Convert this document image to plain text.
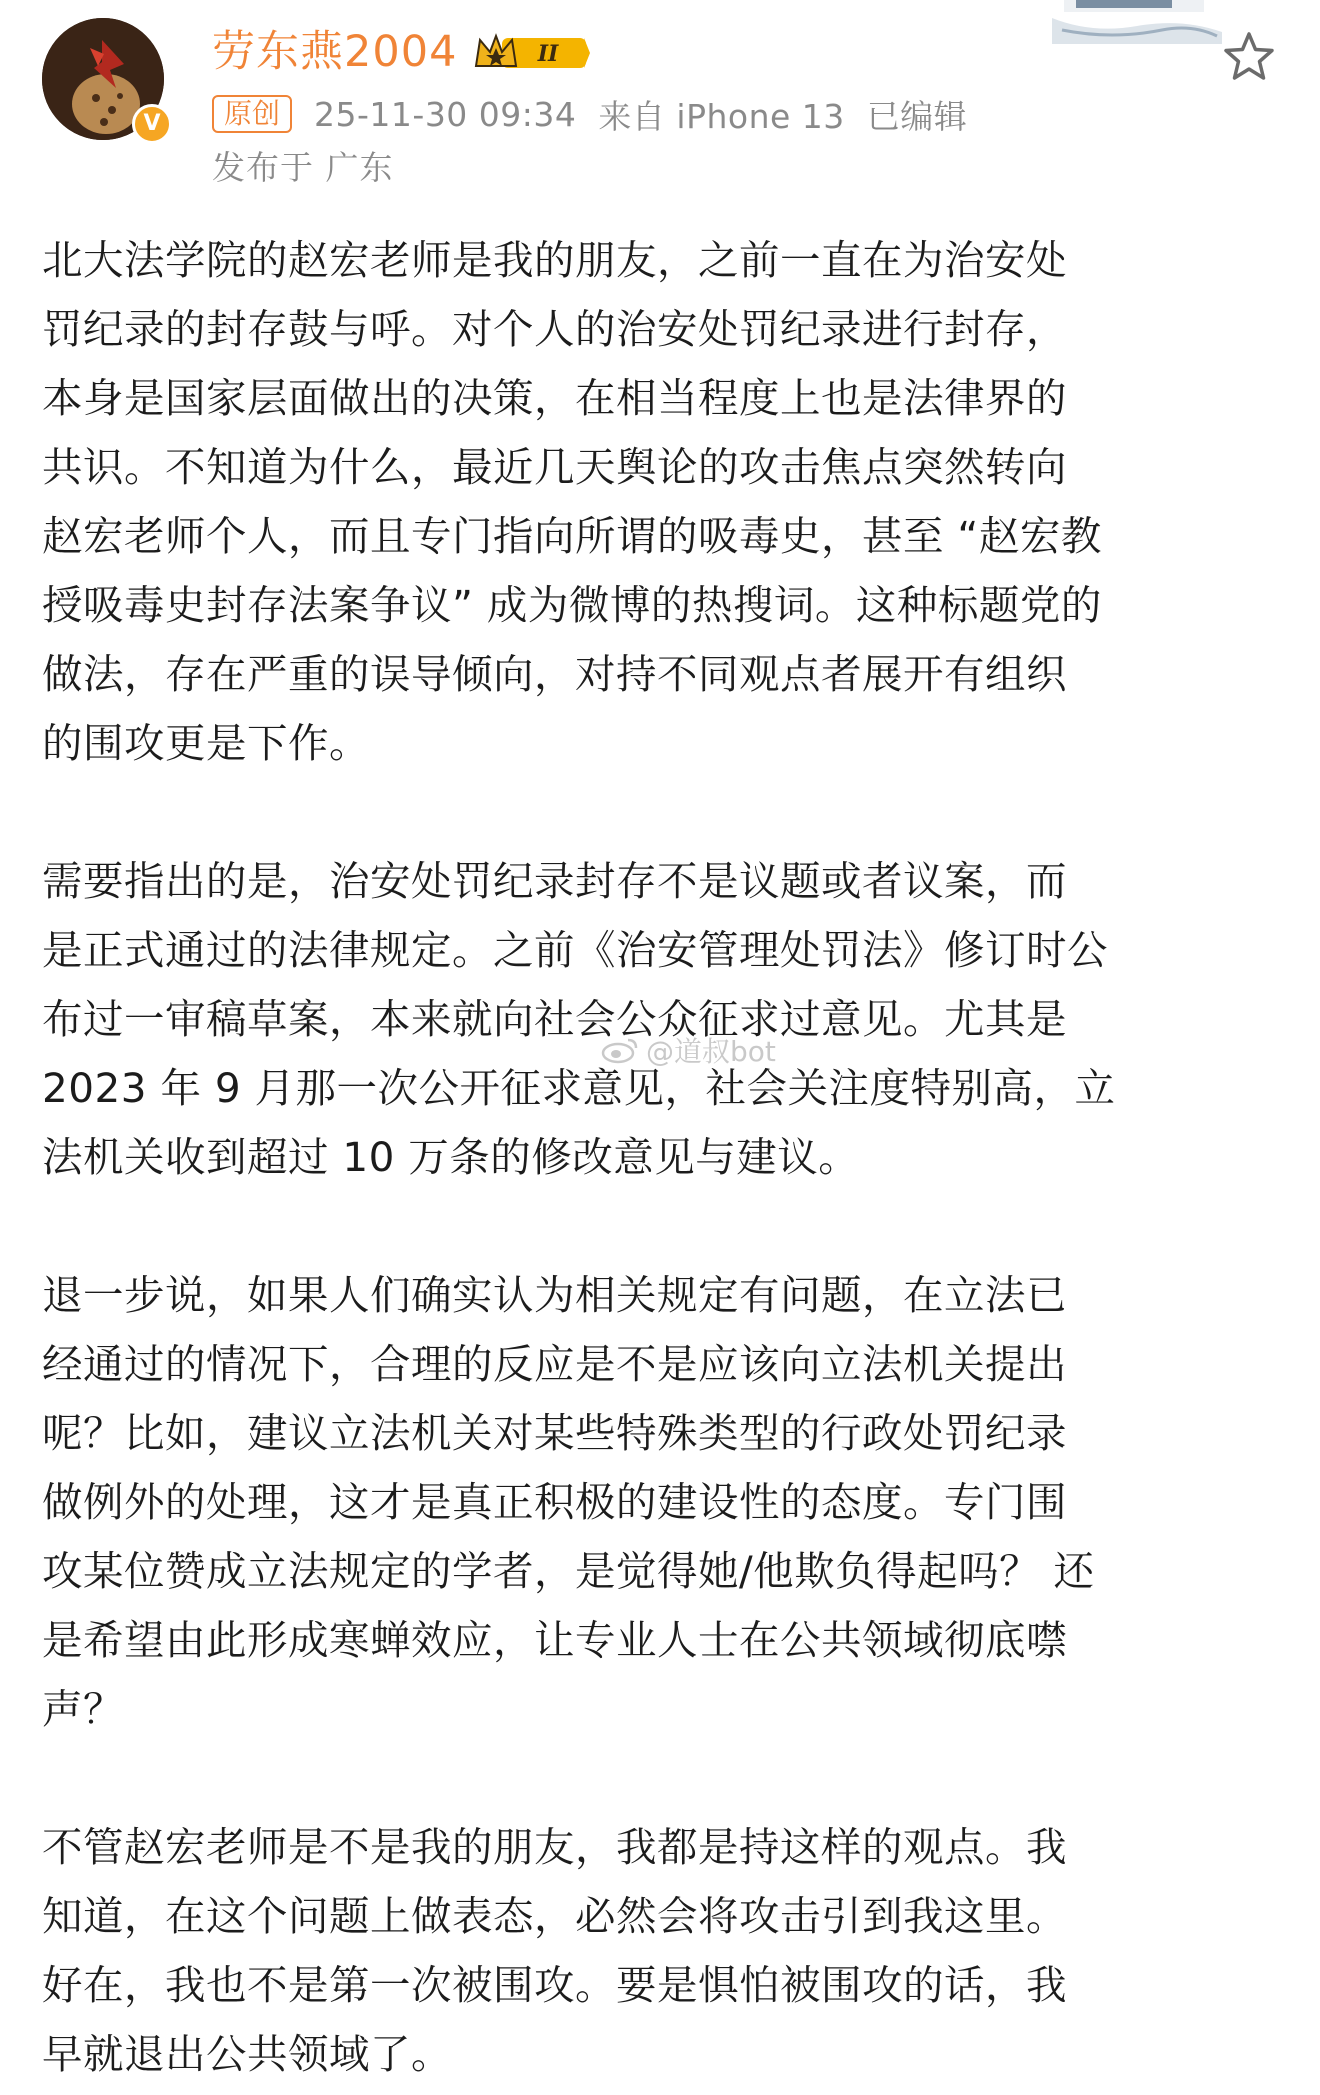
V
劳东燕2004	II
原创	25-11-30 09:34 来自 iPhone 13 已编辑
发布于 广东

北大法学院的赵宏老师是我的朋友，之前一直在为治安处
罚纪录的封存鼓与呼。对个人的治安处罚纪录进行封存，
本身是国家层面做出的决策，在相当程度上也是法律界的
共识。不知道为什么，最近几天舆论的攻击焦点突然转向
赵宏老师个人，而且专门指向所谓的吸毒史，甚至 “赵宏教
授吸毒史封存法案争议” 成为微博的热搜词。这种标题党的
做法，存在严重的误导倾向，对持不同观点者展开有组织
的围攻更是下作。

需要指出的是，治安处罚纪录封存不是议题或者议案，而
是正式通过的法律规定。之前《治安管理处罚法》修订时公
布过一审稿草案，本来就向社会公众征求过意见。尤其是
2023 年 9 月那一次公开征求意见，社会关注度特别高，立
法机关收到超过 10 万条的修改意见与建议。

退一步说，如果人们确实认为相关规定有问题，在立法已
经通过的情况下，合理的反应是不是应该向立法机关提出
呢？比如，建议立法机关对某些特殊类型的行政处罚纪录
做例外的处理，这才是真正积极的建设性的态度。专门围
攻某位赞成立法规定的学者，是觉得她/他欺负得起吗？ 还
是希望由此形成寒蝉效应，让专业人士在公共领域彻底噤
声？

不管赵宏老师是不是我的朋友，我都是持这样的观点。我
知道，在这个问题上做表态，必然会将攻击引到我这里。
好在，我也不是第一次被围攻。要是惧怕被围攻的话，我
早就退出公共领域了。

@道叔bot
